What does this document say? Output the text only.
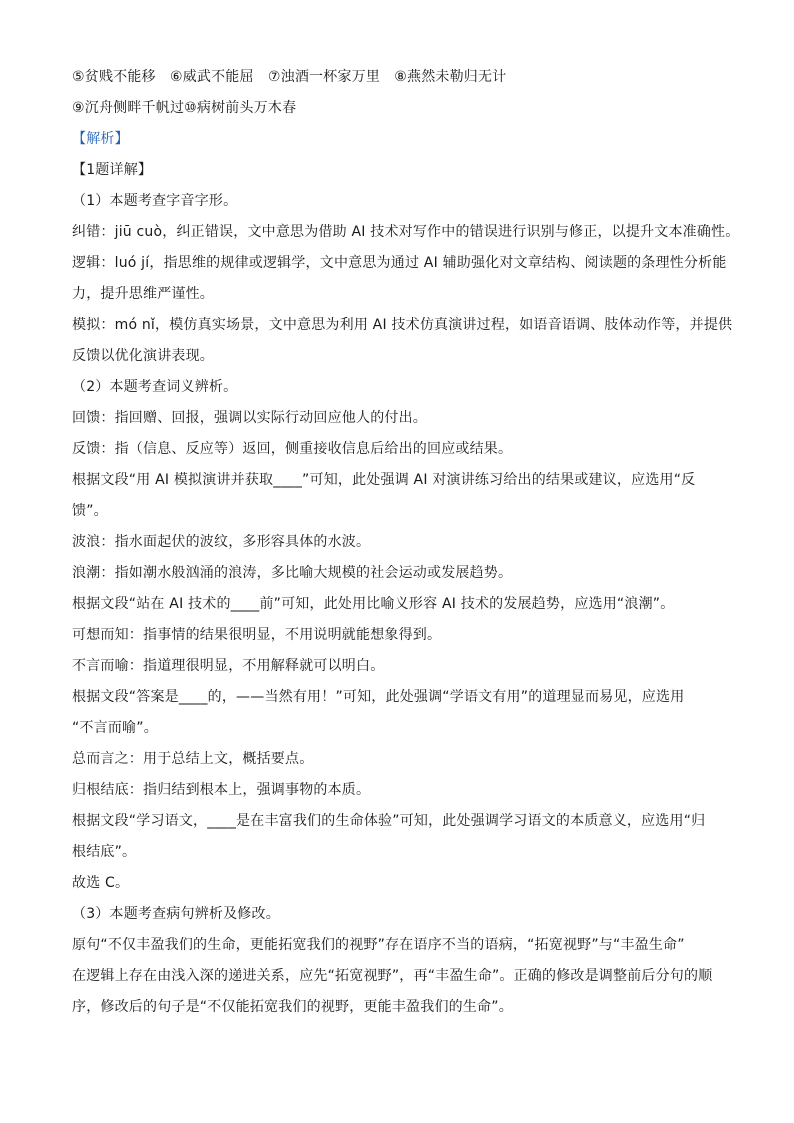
⑤贫贱不能移　⑥威武不能屈　⑦浊酒一杯家万里　⑧燕然未勒归无计
⑨沉舟侧畔千帆过⑩病树前头万木春
【解析】
【1题详解】
（1）本题考查字音字形。
纠错：jiū cuò，纠正错误，文中意思为借助 AI 技术对写作中的错误进行识别与修正，以提升文本准确性。
逻辑：luó jí，指思维的规律或逻辑学，文中意思为通过 AI 辅助强化对文章结构、阅读题的条理性分析能
力，提升思维严谨性。
模拟：mó nǐ，模仿真实场景，文中意思为利用 AI 技术仿真演讲过程，如语音语调、肢体动作等，并提供
反馈以优化演讲表现。
（2）本题考查词义辨析。
回馈：指回赠、回报，强调以实际行动回应他人的付出。
反馈：指（信息、反应等）返回，侧重接收信息后给出的回应或结果。
根据文段“用 AI 模拟演讲并获取____”可知，此处强调 AI 对演讲练习给出的结果或建议，应选用“反
馈”。
波浪：指水面起伏的波纹，多形容具体的水波。
浪潮：指如潮水般汹涌的浪涛，多比喻大规模的社会运动或发展趋势。
根据文段“站在 AI 技术的____前”可知，此处用比喻义形容 AI 技术的发展趋势，应选用“浪潮”。
可想而知：指事情的结果很明显，不用说明就能想象得到。
不言而喻：指道理很明显，不用解释就可以明白。
根据文段“答案是____的，——当然有用！”可知，此处强调“学语文有用”的道理显而易见，应选用
“不言而喻”。
总而言之：用于总结上文，概括要点。
归根结底：指归结到根本上，强调事物的本质。
根据文段“学习语文，____是在丰富我们的生命体验”可知，此处强调学习语文的本质意义，应选用“归
根结底”。
故选 C。
（3）本题考查病句辨析及修改。
原句“不仅丰盈我们的生命，更能拓宽我们的视野”存在语序不当的语病，“拓宽视野”与“丰盈生命”
在逻辑上存在由浅入深的递进关系，应先“拓宽视野”，再“丰盈生命”。正确的修改是调整前后分句的顺
序，修改后的句子是“不仅能拓宽我们的视野，更能丰盈我们的生命”。
